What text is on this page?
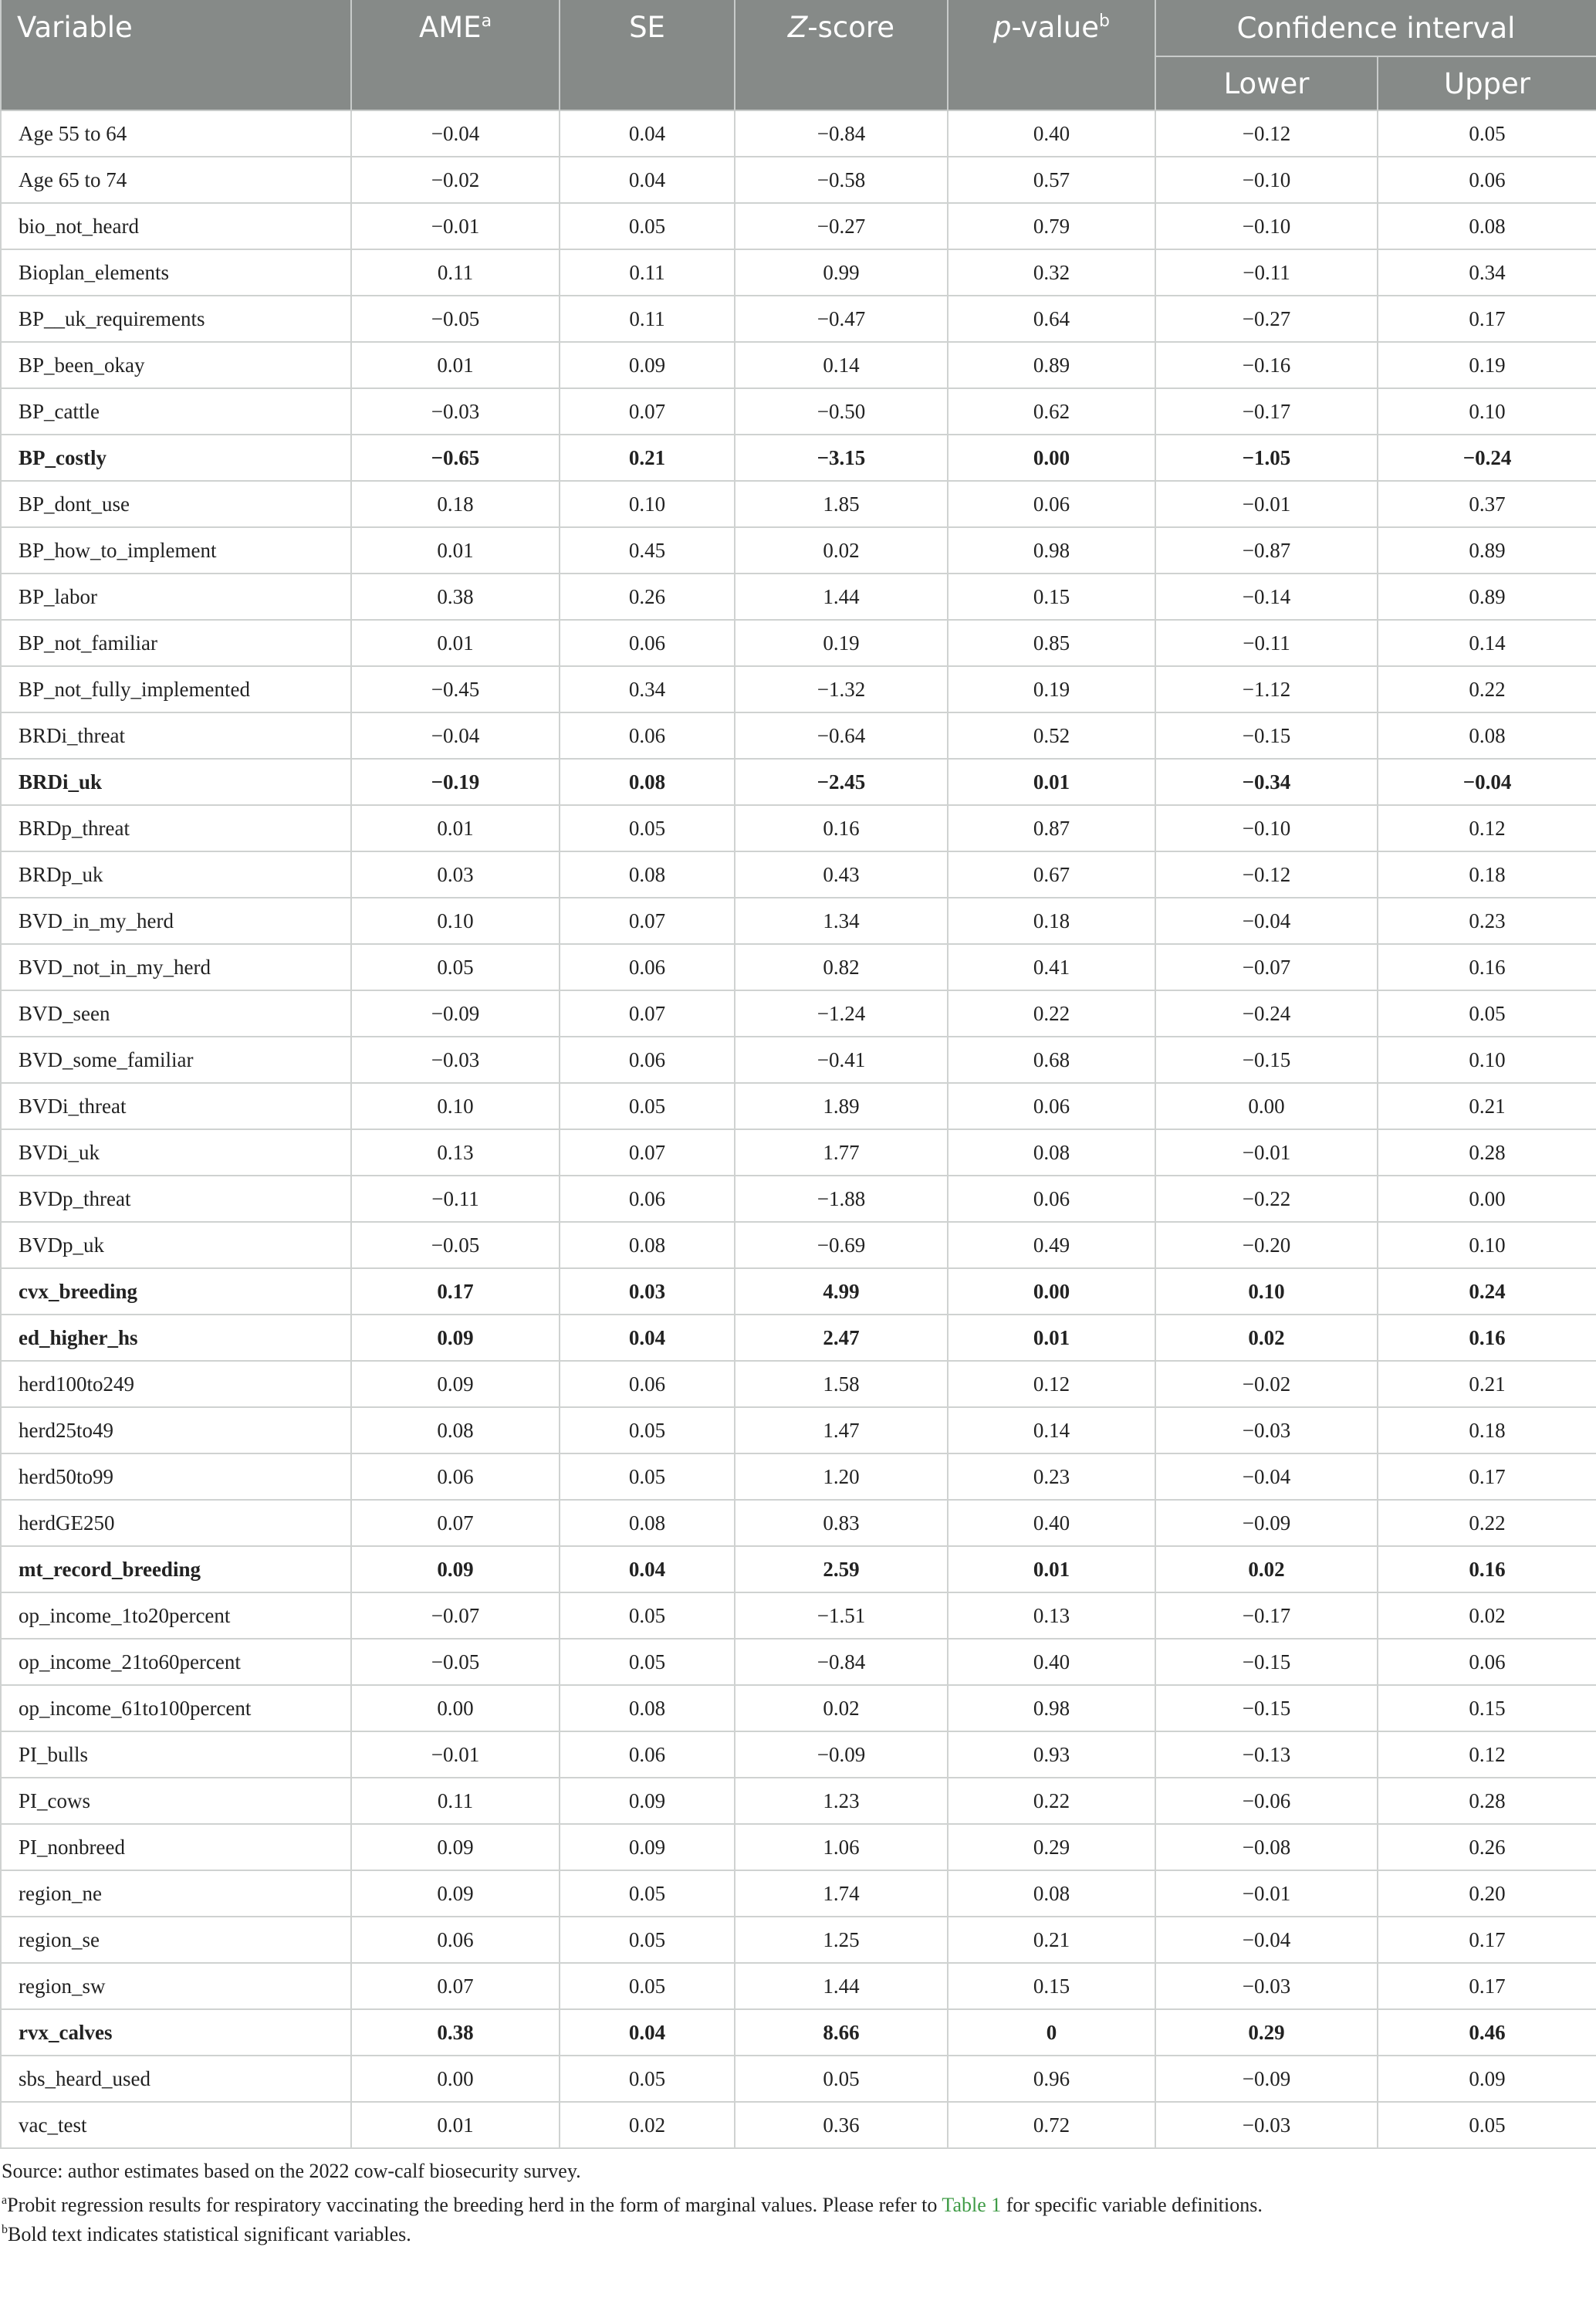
Variable	AME$^a$	SE	Z-score	p-value$^b$	Confidence interval	
					Lower	Upper
Age 55 to 64	−0.04	0.04	−0.84	0.40	−0.12	0.05
Age 65 to 74	−0.02	0.04	−0.58	0.57	−0.10	0.06
bio_not_heard	−0.01	0.05	−0.27	0.79	−0.10	0.08
Bioplan_elements	0.11	0.11	0.99	0.32	−0.11	0.34
BP__uk_requirements	−0.05	0.11	−0.47	0.64	−0.27	0.17
BP_been_okay	0.01	0.09	0.14	0.89	−0.16	0.19
BP_cattle	−0.03	0.07	−0.50	0.62	−0.17	0.10
BP_costly	−0.65	0.21	−3.15	0.00	−1.05	−0.24
BP_dont_use	0.18	0.10	1.85	0.06	−0.01	0.37
BP_how_to_implement	0.01	0.45	0.02	0.98	−0.87	0.89
BP_labor	0.38	0.26	1.44	0.15	−0.14	0.89
BP_not_familiar	0.01	0.06	0.19	0.85	−0.11	0.14
BP_not_fully_implemented	−0.45	0.34	−1.32	0.19	−1.12	0.22
BRDi_threat	−0.04	0.06	−0.64	0.52	−0.15	0.08
BRDi_uk	−0.19	0.08	−2.45	0.01	−0.34	−0.04
BRDp_threat	0.01	0.05	0.16	0.87	−0.10	0.12
BRDp_uk	0.03	0.08	0.43	0.67	−0.12	0.18
BVD_in_my_herd	0.10	0.07	1.34	0.18	−0.04	0.23
BVD_not_in_my_herd	0.05	0.06	0.82	0.41	−0.07	0.16
BVD_seen	−0.09	0.07	−1.24	0.22	−0.24	0.05
BVD_some_familiar	−0.03	0.06	−0.41	0.68	−0.15	0.10
BVDi_threat	0.10	0.05	1.89	0.06	0.00	0.21
BVDi_uk	0.13	0.07	1.77	0.08	−0.01	0.28
BVDp_threat	−0.11	0.06	−1.88	0.06	−0.22	0.00
BVDp_uk	−0.05	0.08	−0.69	0.49	−0.20	0.10
cvx_breeding	0.17	0.03	4.99	0.00	0.10	0.24
ed_higher_hs	0.09	0.04	2.47	0.01	0.02	0.16
herd100to249	0.09	0.06	1.58	0.12	−0.02	0.21
herd25to49	0.08	0.05	1.47	0.14	−0.03	0.18
herd50to99	0.06	0.05	1.20	0.23	−0.04	0.17
herdGE250	0.07	0.08	0.83	0.40	−0.09	0.22
mt_record_breeding	0.09	0.04	2.59	0.01	0.02	0.16
op_income_1to20percent	−0.07	0.05	−1.51	0.13	−0.17	0.02
op_income_21to60percent	−0.05	0.05	−0.84	0.40	−0.15	0.06
op_income_61to100percent	0.00	0.08	0.02	0.98	−0.15	0.15
PI_bulls	−0.01	0.06	−0.09	0.93	−0.13	0.12
PI_cows	0.11	0.09	1.23	0.22	−0.06	0.28
PI_nonbreed	0.09	0.09	1.06	0.29	−0.08	0.26
region_ne	0.09	0.05	1.74	0.08	−0.01	0.20
region_se	0.06	0.05	1.25	0.21	−0.04	0.17
region_sw	0.07	0.05	1.44	0.15	−0.03	0.17
rvx_calves	0.38	0.04	8.66	0	0.29	0.46
sbs_heard_used	0.00	0.05	0.05	0.96	−0.09	0.09
vac_test	0.01	0.02	0.36	0.72	−0.03	0.05
Source: author estimates based on the 2022 cow-calf biosecurity survey.
$^a$Probit regression results for respiratory vaccinating the breeding herd in the form of marginal values. Please refer to Table 1 for specific variable definitions.
$^b$Bold text indicates statistical significant variables.
